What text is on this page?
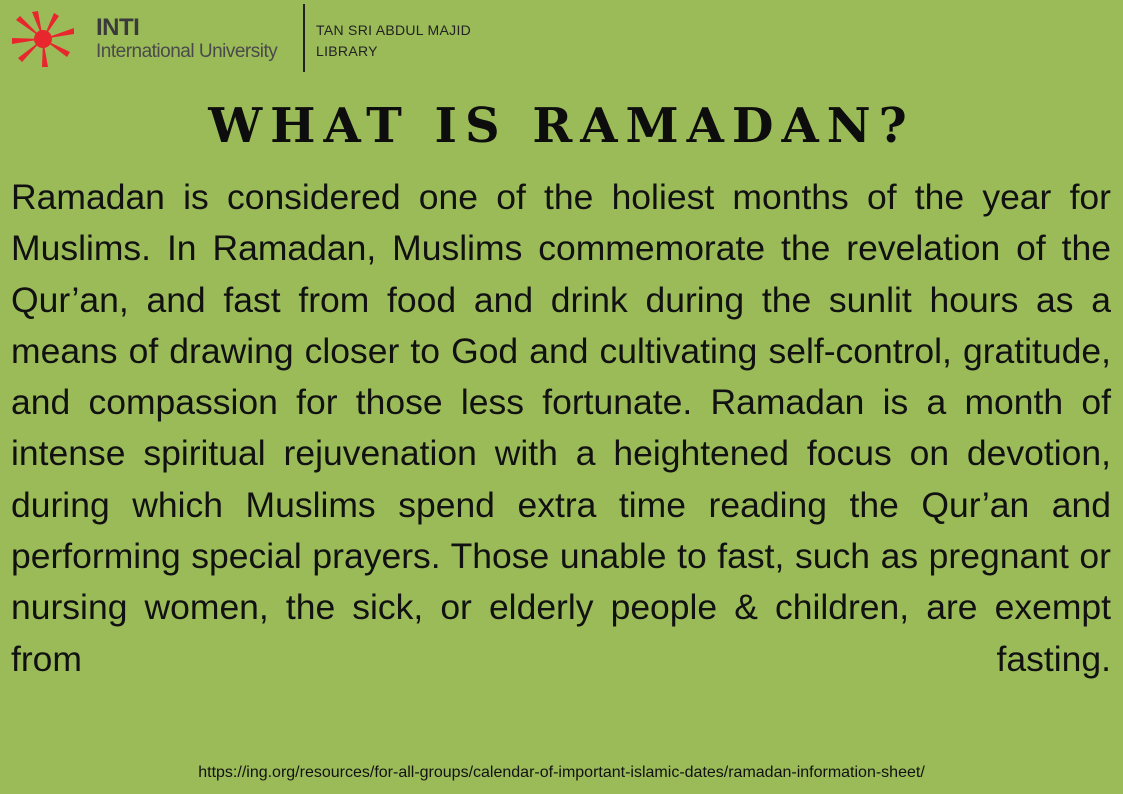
INTI
International University
TAN SRI ABDUL MAJID LIBRARY
WHAT IS RAMADAN?

Ramadan is considered one of the holiest months of the year for Muslims. In Ramadan, Muslims commemorate the revelation of the Qur’an, and fast from food and drink during the sunlit hours as a means of drawing closer to God and cultivating self-control, gratitude, and compassion for those less fortunate. Ramadan is a month of intense spiritual rejuvenation with a heightened focus on devotion, during which Muslims spend extra time reading the Qur’an and performing special prayers. Those unable to fast, such as pregnant or nursing women, the sick, or elderly people & children, are exempt from fasting.

https://ing.org/resources/for-all-groups/calendar-of-important-islamic-dates/ramadan-information-sheet/
